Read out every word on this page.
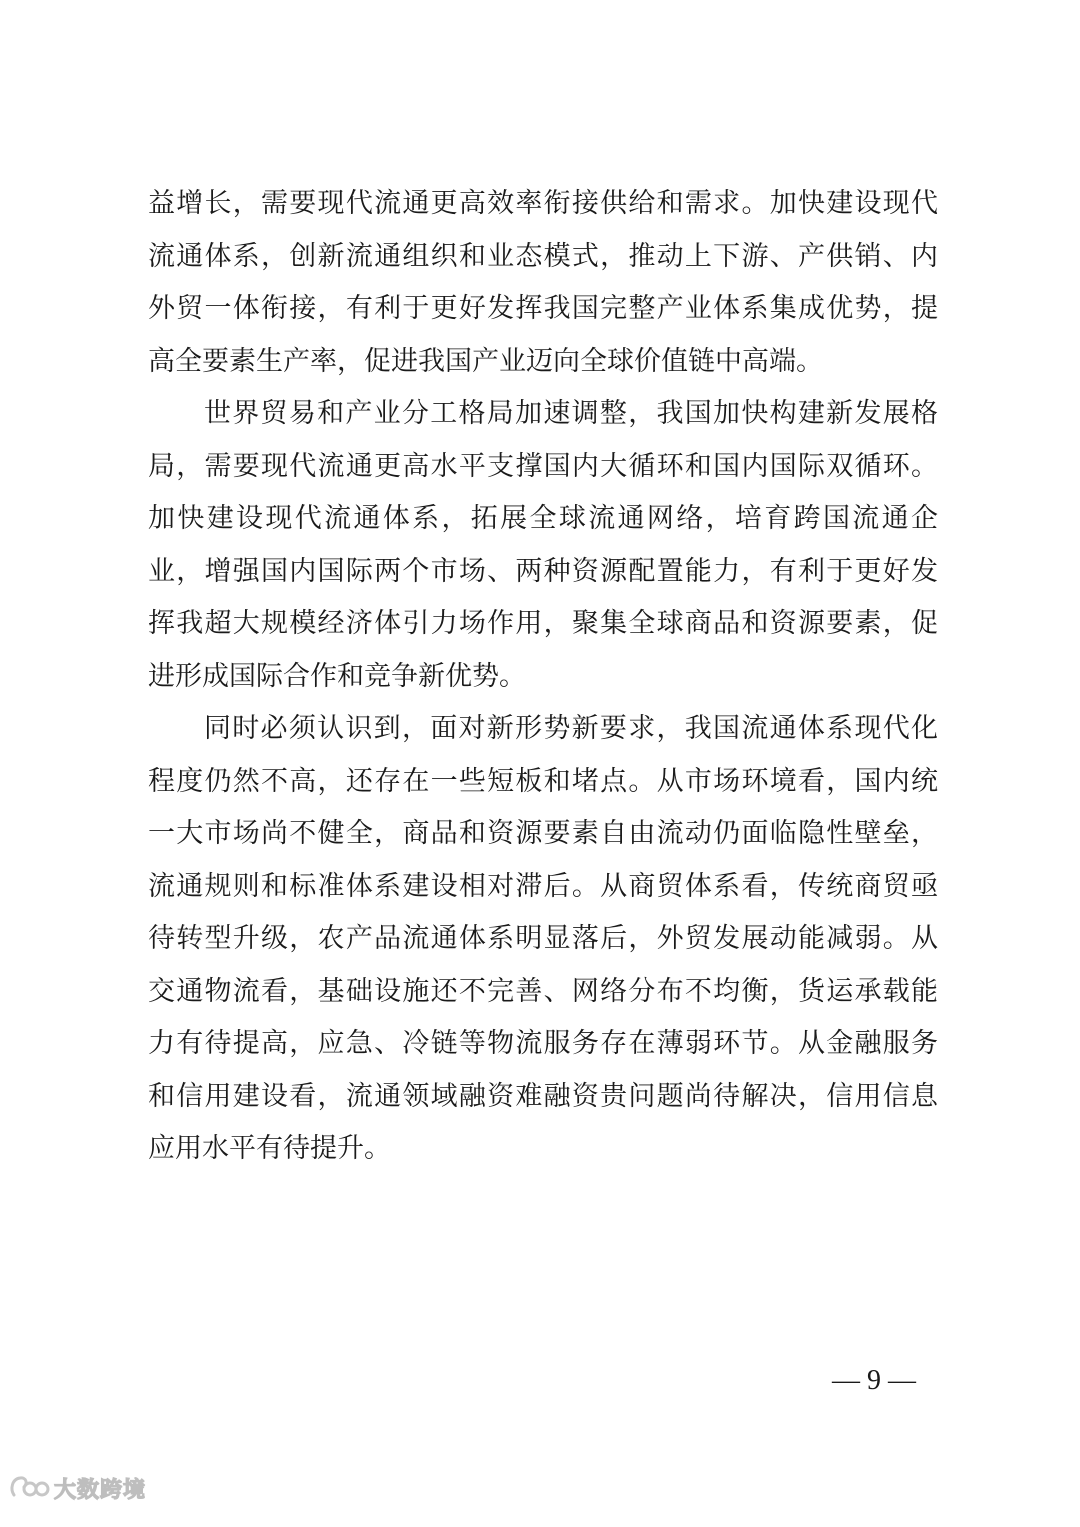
益增长，需要现代流通更高效率衔接供给和需求。加快建设现代
流通体系，创新流通组织和业态模式，推动上下游、产供销、内
外贸一体衔接，有利于更好发挥我国完整产业体系集成优势，提
高全要素生产率，促进我国产业迈向全球价值链中高端。
世界贸易和产业分工格局加速调整，我国加快构建新发展格
局，需要现代流通更高水平支撑国内大循环和国内国际双循环。
加快建设现代流通体系，拓展全球流通网络，培育跨国流通企
业，增强国内国际两个市场、两种资源配置能力，有利于更好发
挥我超大规模经济体引力场作用，聚集全球商品和资源要素，促
进形成国际合作和竞争新优势。
同时必须认识到，面对新形势新要求，我国流通体系现代化
程度仍然不高，还存在一些短板和堵点。从市场环境看，国内统
一大市场尚不健全，商品和资源要素自由流动仍面临隐性壁垒，
流通规则和标准体系建设相对滞后。从商贸体系看，传统商贸亟
待转型升级，农产品流通体系明显落后，外贸发展动能减弱。从
交通物流看，基础设施还不完善、网络分布不均衡，货运承载能
力有待提高，应急、冷链等物流服务存在薄弱环节。从金融服务
和信用建设看，流通领域融资难融资贵问题尚待解决，信用信息
应用水平有待提升。
— 9 —
大数跨境
